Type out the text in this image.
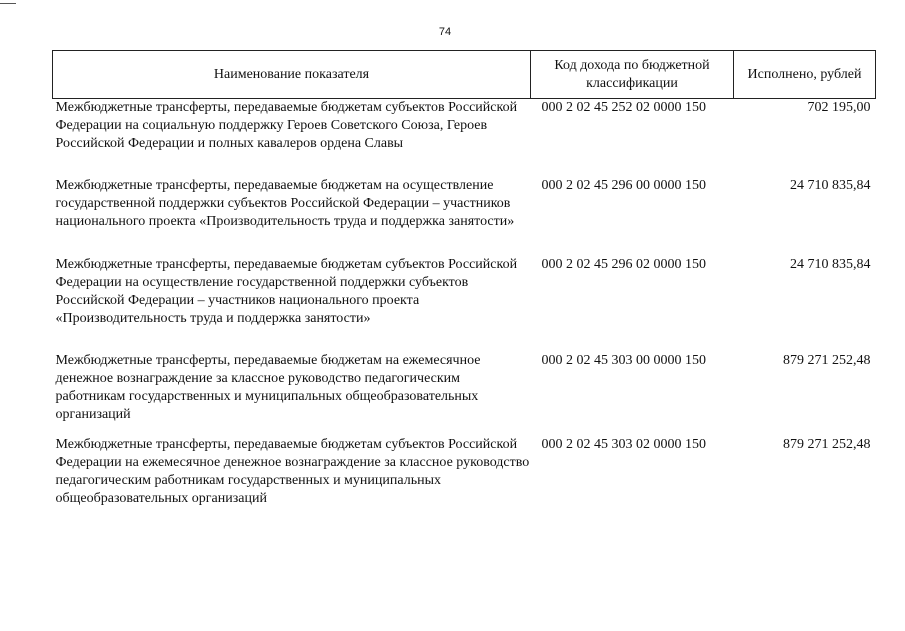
74
Наименование показателя	Код дохода по бюджетной классификации	Исполнено, рублей
Межбюджетные трансферты, передаваемые бюджетам субъектов Российской Федерации на социальную поддержку Героев Советского Союза, Героев Российской Федерации и полных кавалеров ордена Славы	000 2 02 45 252 02 0000 150	702 195,00
Межбюджетные трансферты, передаваемые бюджетам на осуществление государственной поддержки субъектов Российской Федерации – участников национального проекта «Производительность труда и поддержка занятости»	000 2 02 45 296 00 0000 150	24 710 835,84
Межбюджетные трансферты, передаваемые бюджетам субъектов Российской Федерации на осуществление государственной поддержки субъектов Российской Федерации – участников национального проекта «Производительность труда и поддержка занятости»	000 2 02 45 296 02 0000 150	24 710 835,84
Межбюджетные трансферты, передаваемые бюджетам на ежемесячное денежное вознаграждение за классное руководство педагогическим работникам государственных и муниципальных общеобразовательных организаций	000 2 02 45 303 00 0000 150	879 271 252,48
Межбюджетные трансферты, передаваемые бюджетам субъектов Российской Федерации на ежемесячное денежное вознаграждение за классное руководство педагогическим работникам государственных и муниципальных общеобразовательных организаций	000 2 02 45 303 02 0000 150	879 271 252,48
